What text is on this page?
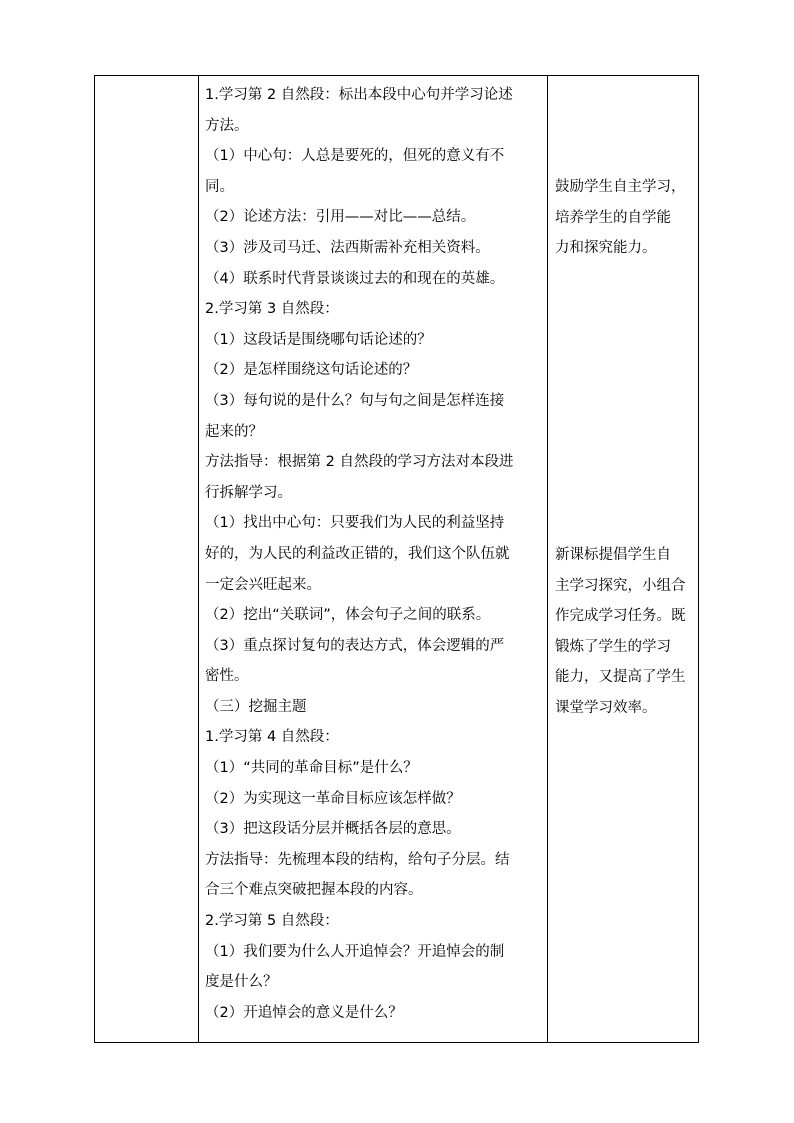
1.学习第 2 自然段：标出本段中心句并学习论述
方法。
（1）中心句：人总是要死的，但死的意义有不
同。
（2）论述方法：引用——对比——总结。
（3）涉及司马迁、法西斯需补充相关资料。
（4）联系时代背景谈谈过去的和现在的英雄。
2.学习第 3 自然段：
（1）这段话是围绕哪句话论述的？
（2）是怎样围绕这句话论述的？
（3）每句说的是什么？句与句之间是怎样连接
起来的？
方法指导：根据第 2 自然段的学习方法对本段进
行拆解学习。
（1）找出中心句：只要我们为人民的利益坚持
好的，为人民的利益改正错的，我们这个队伍就
一定会兴旺起来。
（2）挖出“关联词”，体会句子之间的联系。
（3）重点探讨复句的表达方式，体会逻辑的严
密性。
（三）挖掘主题
1.学习第 4 自然段：
（1）“共同的革命目标”是什么？
（2）为实现这一革命目标应该怎样做？
（3）把这段话分层并概括各层的意思。
方法指导：先梳理本段的结构，给句子分层。结
合三个难点突破把握本段的内容。
2.学习第 5 自然段：
（1）我们要为什么人开追悼会？开追悼会的制
度是什么？
（2）开追悼会的意义是什么？
鼓励学生自主学习，
培养学生的自学能
力和探究能力。
新课标提倡学生自
主学习探究，小组合
作完成学习任务。既
锻炼了学生的学习
能力，又提高了学生
课堂学习效率。
